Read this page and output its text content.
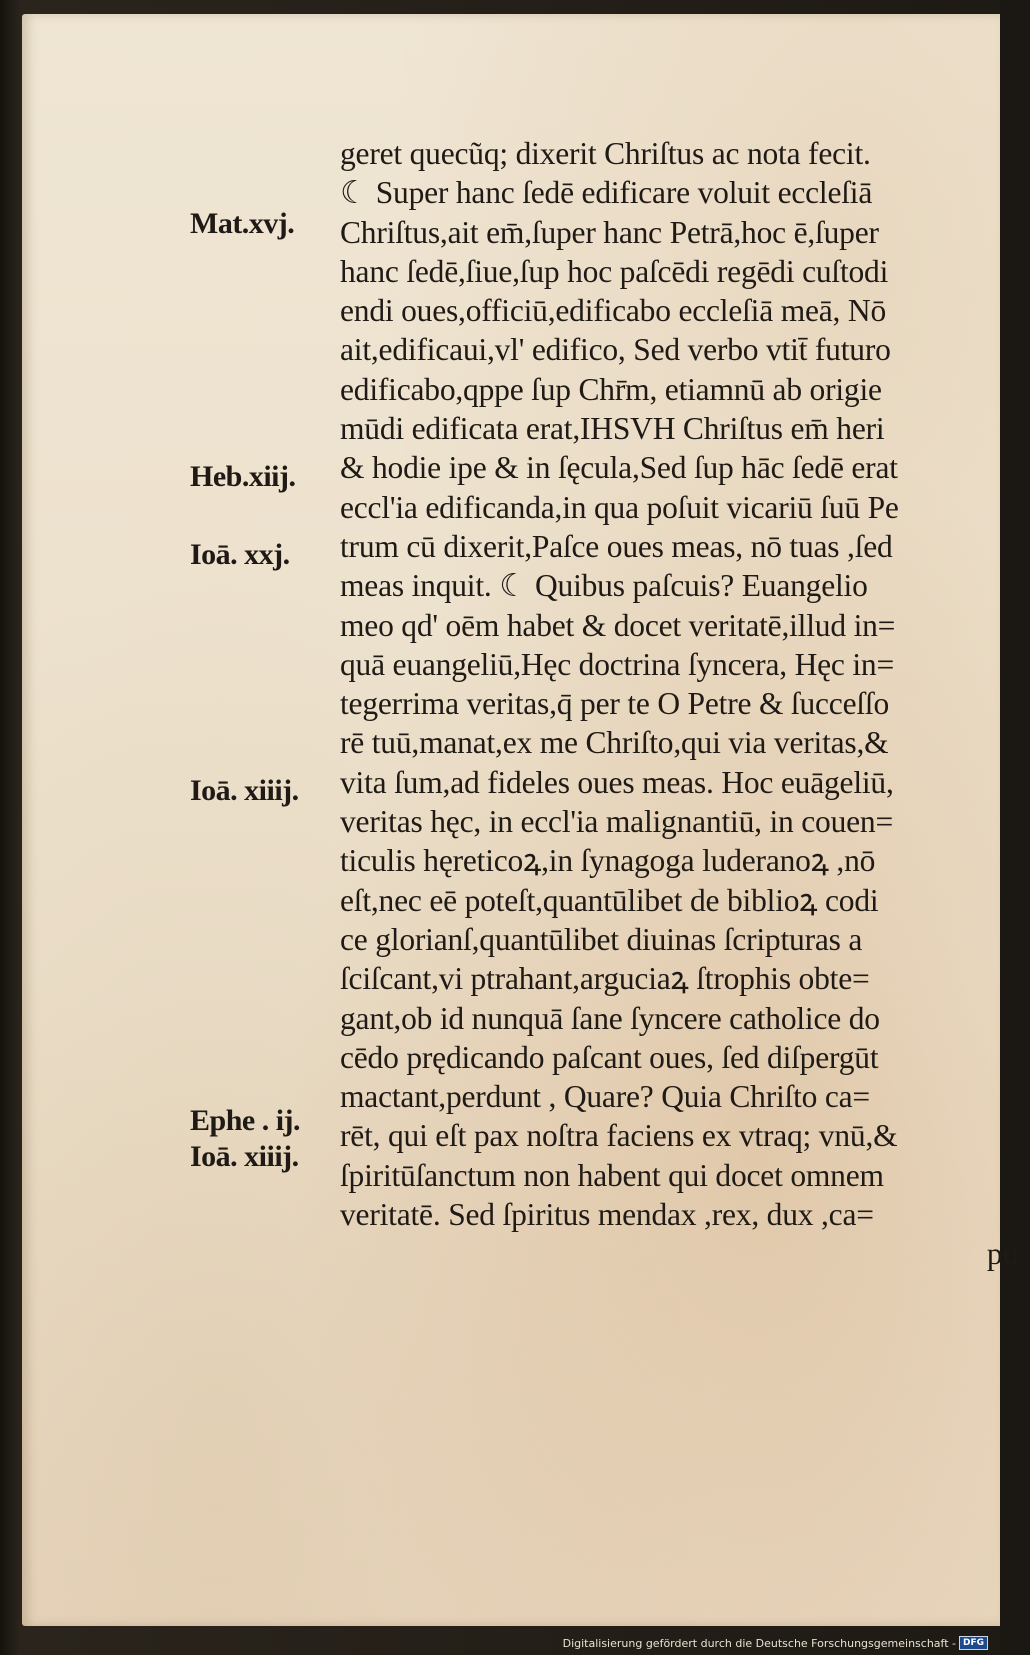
geret quecũq; dixerit Chriſtus ac nota fecit.
☾ Super hanc ſedē edificare voluit eccleſiā
Chriſtus,ait em̄,ſuper hanc Petrā,hoc ē,ſuper
hanc ſedē,ſiue,ſup hoc paſcēdi regēdi cuſtodi
endi oues,officiū,edificabo eccleſiā meā, Nō
ait,edificaui,vl' edifico, Sed verbo vtit̄ futuro
edificabo,qppe ſup Chr̄m, etiamnū ab origie
mūdi edificata erat,IHSVH Chriſtus em̄ heri
& hodie ipe & in ſęcula,Sed ſup hāc ſedē erat
eccl'ia edificanda,in qua poſuit vicariū ſuū Pe
trum cū dixerit,Paſce oues meas, nō tuas ,ſed
meas inquit. ☾ Quibus paſcuis? Euangelio
meo qd' oēm habet & docet veritatē,illud in=
quā euangeliū,Hęc doctrina ſyncera, Hęc in=
tegerrima veritas,q̄ per te O Petre & ſucceſſo
rē tuū,manat,ex me Chriſto,qui via veritas,&
vita ſum,ad fideles oues meas. Hoc euāgeliū,
veritas hęc, in eccl'ia malignantiū, in couen=
ticulis hęreticoꝝ,in ſynagoga luderanoꝝ ,nō
eſt,nec eē poteſt,quantūlibet de biblioꝝ codi
ce glorianſ,quantūlibet diuinas ſcripturas a
ſciſcant,vi ptrahant,arguciaꝝ ſtrophis obte=
gant,ob id nunquā ſane ſyncere catholice do
cēdo prędicando paſcant oues, ſed diſpergūt
mactant,perdunt , Quare? Quia Chriſto ca=
rēt, qui eſt pax noſtra faciens ex vtraq; vnū,&
ſpiritūſanctum non habent qui docet omnem
veritatē. Sed ſpiritus mendax ,rex, dux ,ca=
pu
Mat.xvj.
Heb.xiij.
Ioā. xxj.
Ioā. xiiij.
Ephe . ij.
Ioā. xiiij.
Digitalisierung gefördert durch die Deutsche Forschungsgemeinschaft - DFG
